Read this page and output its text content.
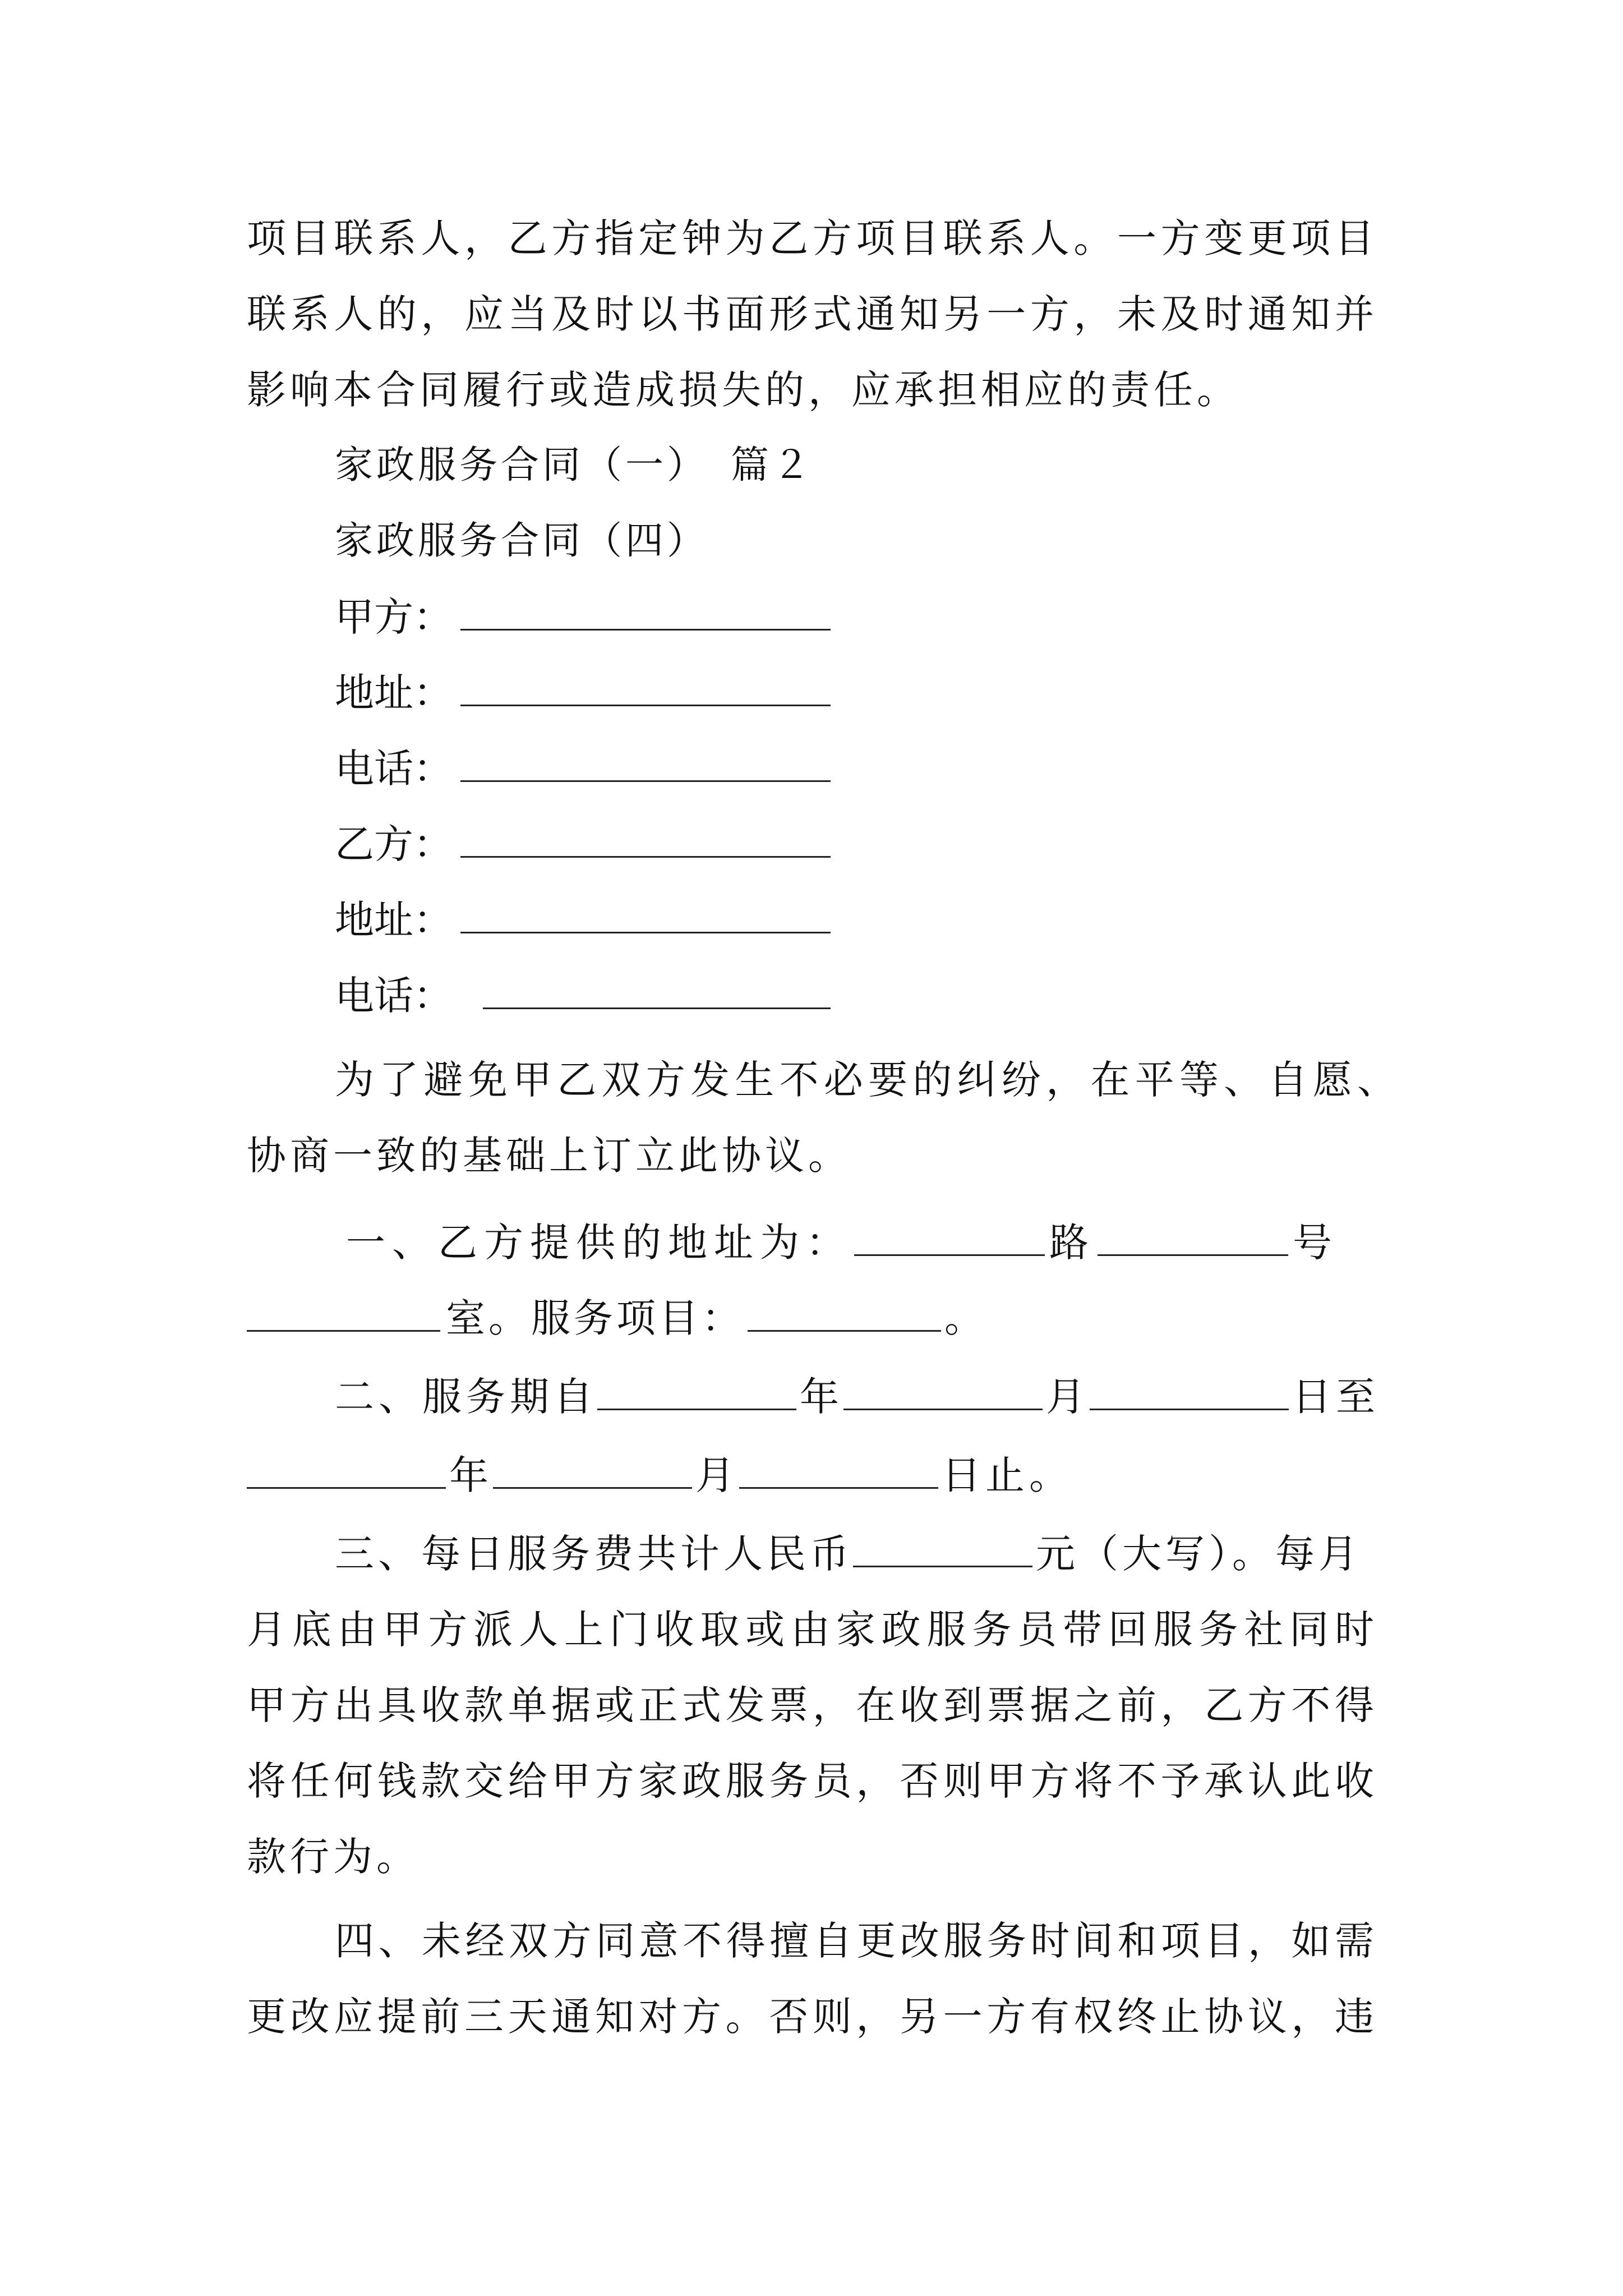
项目联系人，乙方指定钟为乙方项目联系人。一方变更项目
联系人的，应当及时以书面形式通知另一方，未及时通知并
影响本合同履行或造成损失的，应承担相应的责任。
家政服务合同（一）　篇２
家政服务合同（四）
甲方：
地址：
电话：
乙方：
地址：
电话：
为了避免甲乙双方发生不必要的纠纷，在平等、自愿、
协商一致的基础上订立此协议。
一、乙方提供的地址为：	路	号
室。服务项目：	。
二、服务期自	年	月	日至
年	月	日止。
三、每日服务费共计人民币	元（大写）。每月
月底由甲方派人上门收取或由家政服务员带回服务社同时
甲方出具收款单据或正式发票，在收到票据之前，乙方不得
将任何钱款交给甲方家政服务员，否则甲方将不予承认此收
款行为。
四、未经双方同意不得擅自更改服务时间和项目，如需
更改应提前三天通知对方。否则，另一方有权终止协议，违
